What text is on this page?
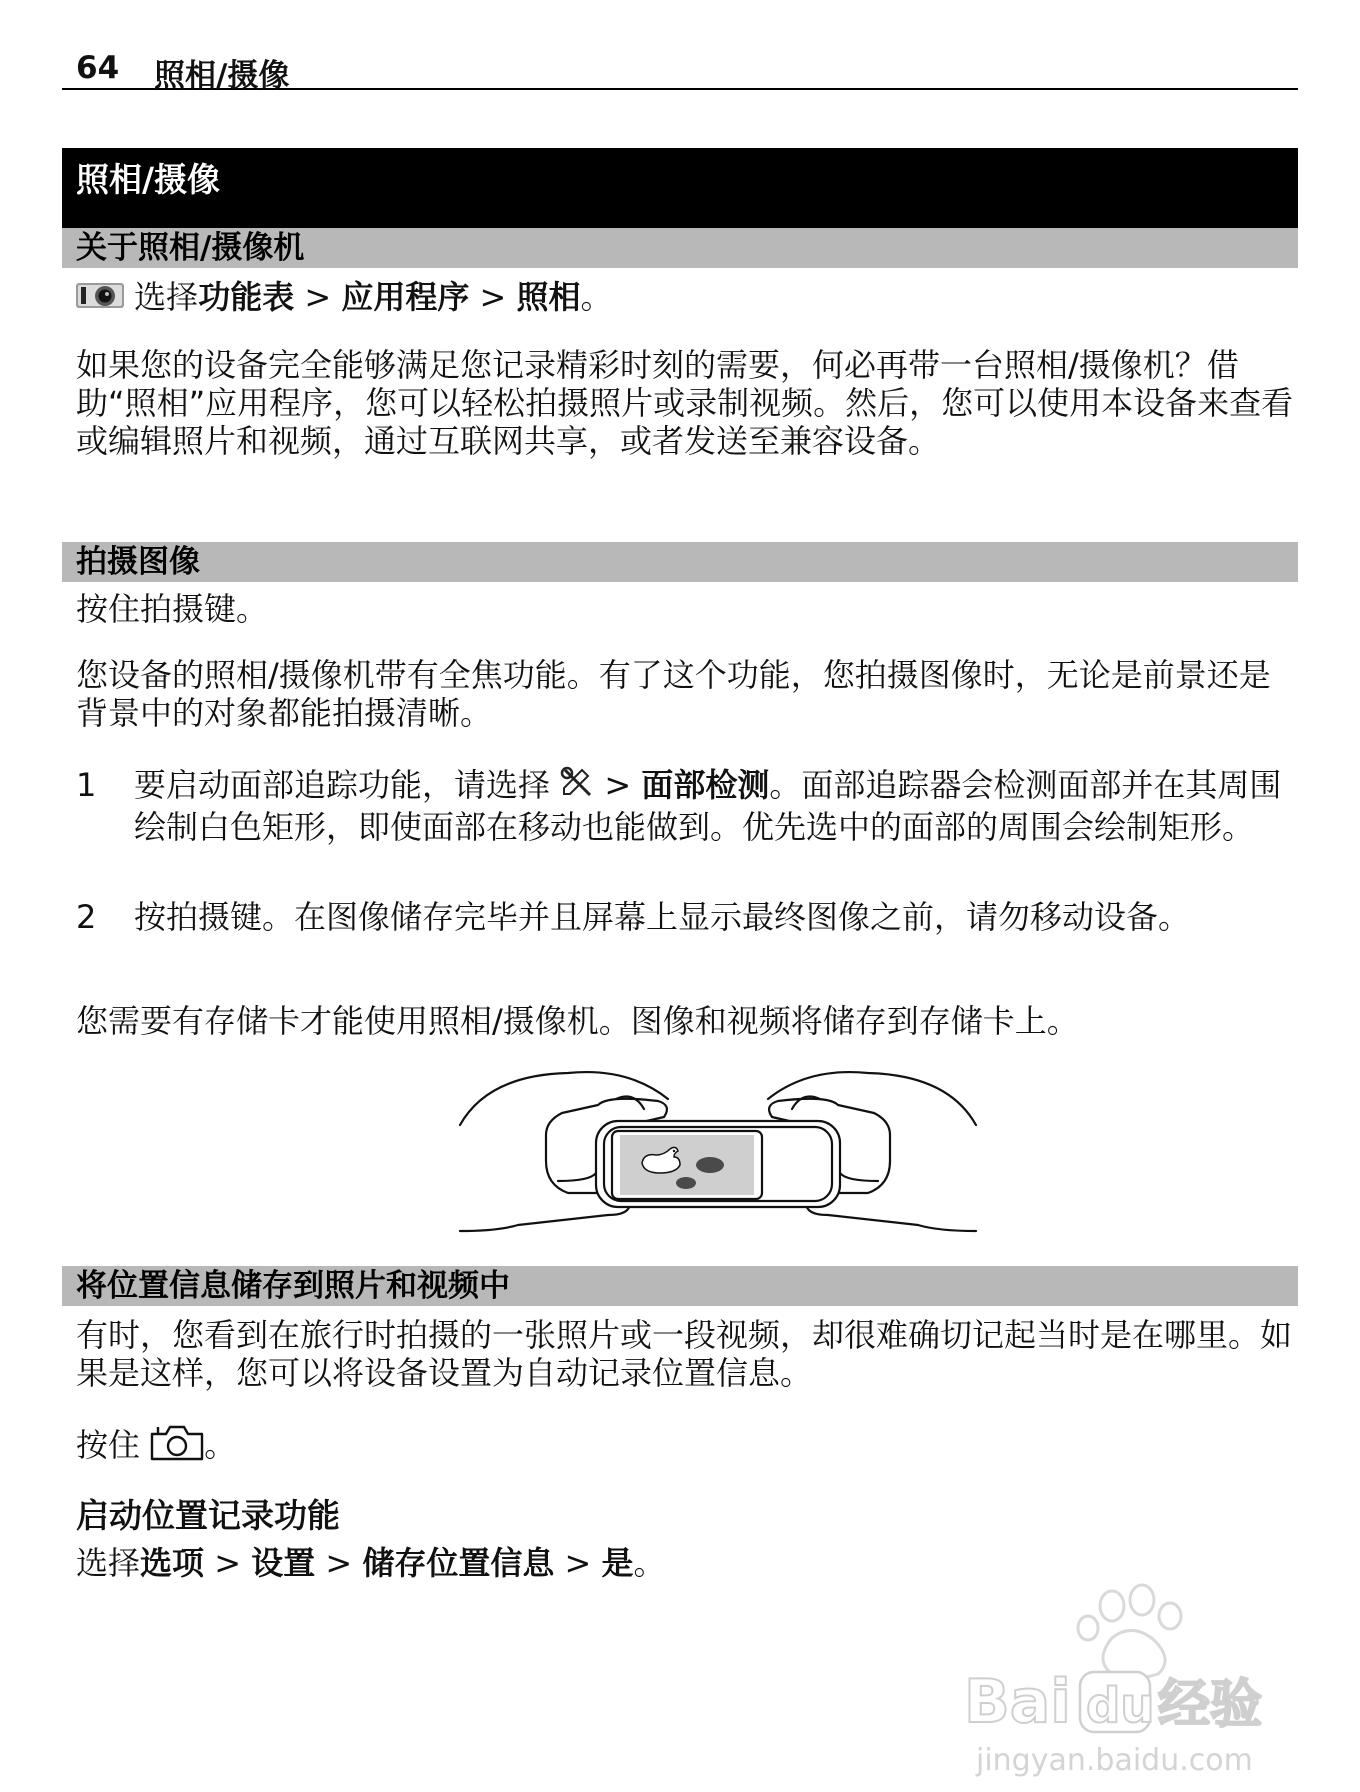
64 照相/摄像
照相/摄像
关于照相/摄像机
选择功能表 > 应用程序 > 照相。
如果您的设备完全能够满足您记录精彩时刻的需要，何必再带一台照相/摄像机？借助“照相”应用程序，您可以轻松拍摄照片或录制视频。然后，您可以使用本设备来查看或编辑照片和视频，通过互联网共享，或者发送至兼容设备。
拍摄图像
按住拍摄键。
您设备的照相/摄像机带有全焦功能。有了这个功能，您拍摄图像时，无论是前景还是背景中的对象都能拍摄清晰。
1 要启动面部追踪功能，请选择  > 面部检测。面部追踪器会检测面部并在其周围绘制白色矩形，即使面部在移动也能做到。优先选中的面部的周围会绘制矩形。
2 按拍摄键。在图像储存完毕并且屏幕上显示最终图像之前，请勿移动设备。
您需要有存储卡才能使用照相/摄像机。图像和视频将储存到存储卡上。
将位置信息储存到照片和视频中
有时，您看到在旅行时拍摄的一张照片或一段视频，却很难确切记起当时是在哪里。如果是这样，您可以将设备设置为自动记录位置信息。
按住 。
启动位置记录功能
选择选项 > 设置 > 储存位置信息 > 是。
Bai du 经验
jingyan.baidu.com
